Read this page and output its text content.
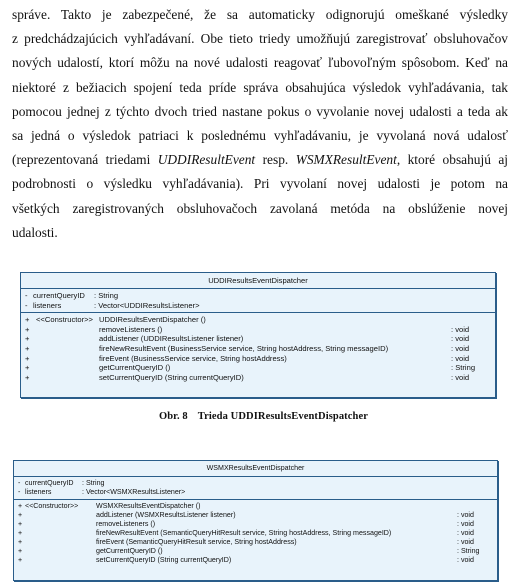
správe. Takto je zabezpečené, že sa automaticky odignorujú omeškané výsledky
z predchádzajúcich vyhľadávaní. Obe tieto triedy umožňujú zaregistrovať obsluhovačov
nových udalostí, ktorí môžu na nové udalosti reagovať ľubovoľným spôsobom. Keď na
niektoré z bežiacich spojení teda príde správa obsahujúca výsledok vyhľadávania, tak
pomocou jednej z týchto dvoch tried nastane pokus o vyvolanie novej udalosti a teda ak
sa jedná o výsledok patriaci k poslednému vyhľadávaniu, je vyvolaná nová udalosť
(reprezentovaná triedami UDDIResultEvent resp. WSMXResultEvent, ktoré obsahujú aj
podrobnosti o výsledku vyhľadávania). Pri vyvolaní novej udalosti je potom na
všetkých zaregistrovaných obsluhovačoch zavolaná metóda na obslúženie novej
udalosti.
UDDIResultsEventDispatcher
- currentQueryID : String
- listeners	: Vector<UDDIResultsListener>
+ <<Constructor>> UDDIResultsEventDispatcher ()
+	removeListeners ()	: void
+	addListener (UDDIResultsListener listener)	: void
+	fireNewResultEvent (BusinessService service, String hostAddress, String messageID)	: void
+	fireEvent (BusinessService service, String hostAddress)	: void
+	getCurrentQueryID ()	: String
+	setCurrentQueryID (String currentQueryID)	: void
Obr. 8 Trieda UDDIResultsEventDispatcher
WSMXResultsEventDispatcher
- currentQueryID : String
- listeners	: Vector<WSMXResultsListener>
+ <<Constructor>>	WSMXResultsEventDispatcher ()
+	addListener (WSMXResultsListener listener)	: void
+	removeListeners ()	: void
+	fireNewResultEvent (SemanticQueryHitResult service, String hostAddress, String messageID)	: void
+	fireEvent (SemanticQueryHitResult service, String hostAddress)	: void
+	getCurrentQueryID ()	: String
+	setCurrentQueryID (String currentQueryID)	: void
